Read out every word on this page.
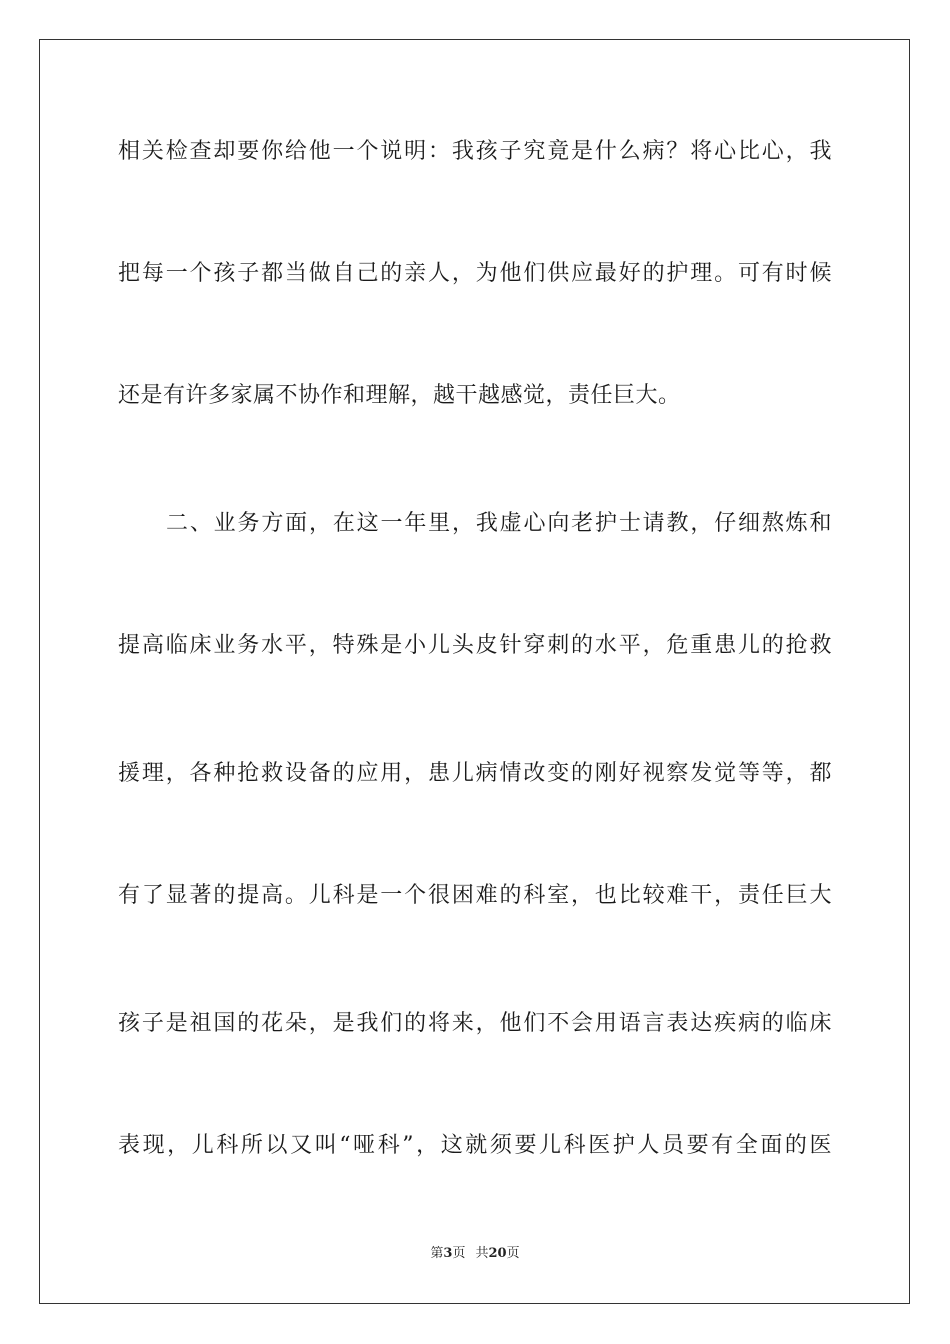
相关检查却要你给他一个说明：我孩子究竟是什么病？将心比心，我
把每一个孩子都当做自己的亲人，为他们供应最好的护理。可有时候
还是有许多家属不协作和理解，越干越感觉，责任巨大。
二、业务方面，在这一年里，我虚心向老护士请教，仔细熬炼和
提高临床业务水平，特殊是小儿头皮针穿刺的水平，危重患儿的抢救
援理，各种抢救设备的应用，患儿病情改变的刚好视察发觉等等，都
有了显著的提高。儿科是一个很困难的科室，也比较难干，责任巨大
孩子是祖国的花朵，是我们的将来，他们不会用语言表达疾病的临床
表现，儿科所以又叫“哑科”，这就须要儿科医护人员要有全面的医
第3页 共20页
